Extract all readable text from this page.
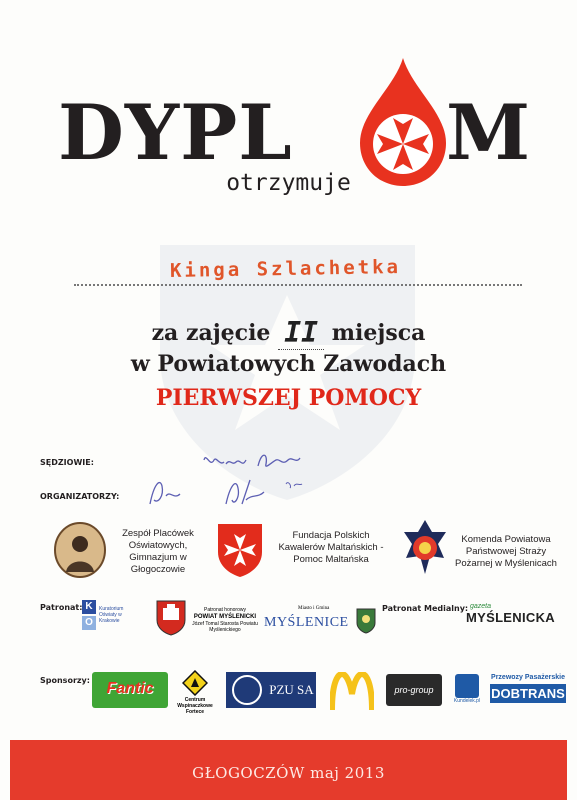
DYPL M
otrzymuje
Kinga Szlachetka
za zajęcie II miejsca
w Powiatowych Zawodach
PIERWSZEJ POMOCY
SĘDZIOWIE:
ORGANIZATORZY:
Zespół Placówek Oświatowych, Gimnazjum w Głogoczowie
Fundacja Polskich Kawalerów Maltańskich -Pomoc Maltańska
Komenda Powiatowa Państwowej Straży Pożarnej w Myślenicach
Patronat: K
O
Kuratorium Oświaty w Krakowie
Patronat honorowy
POWIAT MYŚLENICKI
Józef Tomal Starosta Powiatu Myślenickiego
Miasto i Gmina
MYŚLENICE
Patronat Medialny: gazeta
MYŚLENICKA
Sponsorzy:	Fantic
Centrum Wspinaczkowe Fortece
PZU SA	pro-group
Kundelek.pl
Przewozy Pasażerskie
DOBTRANS
GŁOGOCZÓW maj 2013
